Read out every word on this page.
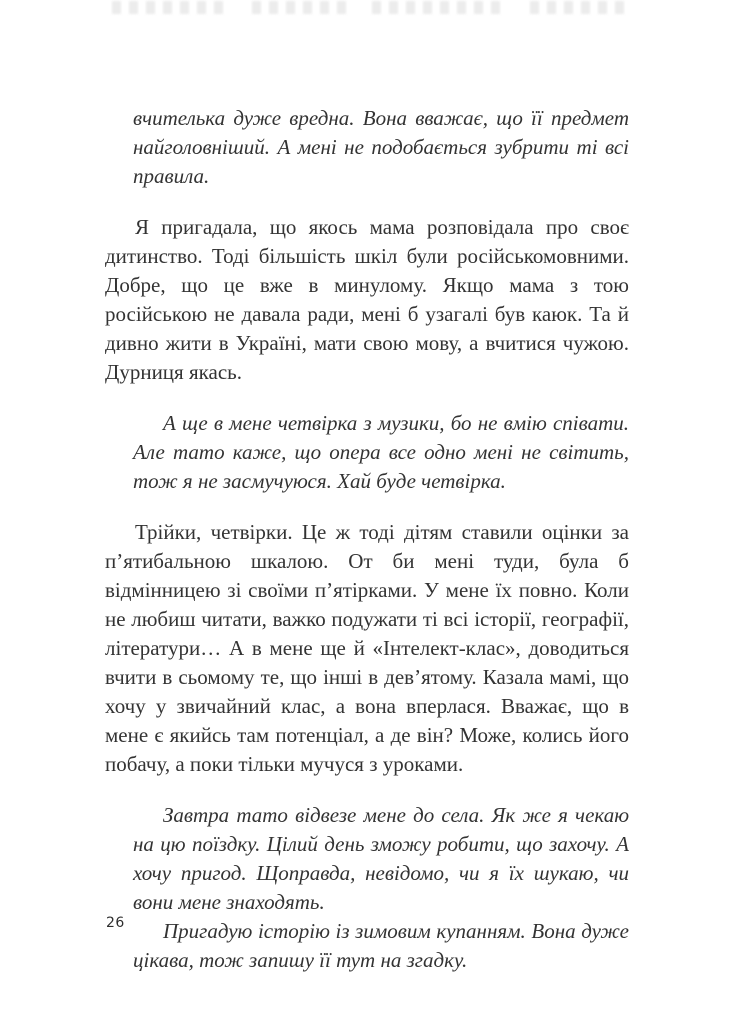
вчителька дуже вредна. Вона вважає, що її предмет найголовніший. А мені не подобається зубрити ті всі правила.

Я пригадала, що якось мама розповідала про своє дитинство. Тоді більшість шкіл були російськомовними. Добре, що це вже в минулому. Якщо мама з тою російською не давала ради, мені б узагалі був каюк. Та й дивно жити в Україні, мати свою мову, а вчитися чужою. Дурниця якась.

А ще в мене четвірка з музики, бо не вмію співати. Але тато каже, що опера все одно мені не світить, тож я не засмучуюся. Хай буде четвірка.

Трійки, четвірки. Це ж тоді дітям ставили оцінки за п’ятибальною шкалою. От би мені туди, була б відмінницею зі своїми п’ятірками. У мене їх повно. Коли не любиш читати, важко подужати ті всі історії, географії, літератури… А в мене ще й «Інтелект-клас», доводиться вчити в сьомому те, що інші в дев’ятому. Казала мамі, що хочу у звичайний клас, а вона вперлася. Вважає, що в мене є якийсь там потенціал, а де він? Може, колись його побачу, а поки тільки мучуся з уроками.

Завтра тато відвезе мене до села. Як же я чекаю на цю поїздку. Цілий день зможу робити, що захочу. А хочу пригод. Щоправда, невідомо, чи я їх шукаю, чи вони мене знаходять.

Пригадую історію із зимовим купанням. Вона дуже цікава, тож запишу її тут на згадку.

26
